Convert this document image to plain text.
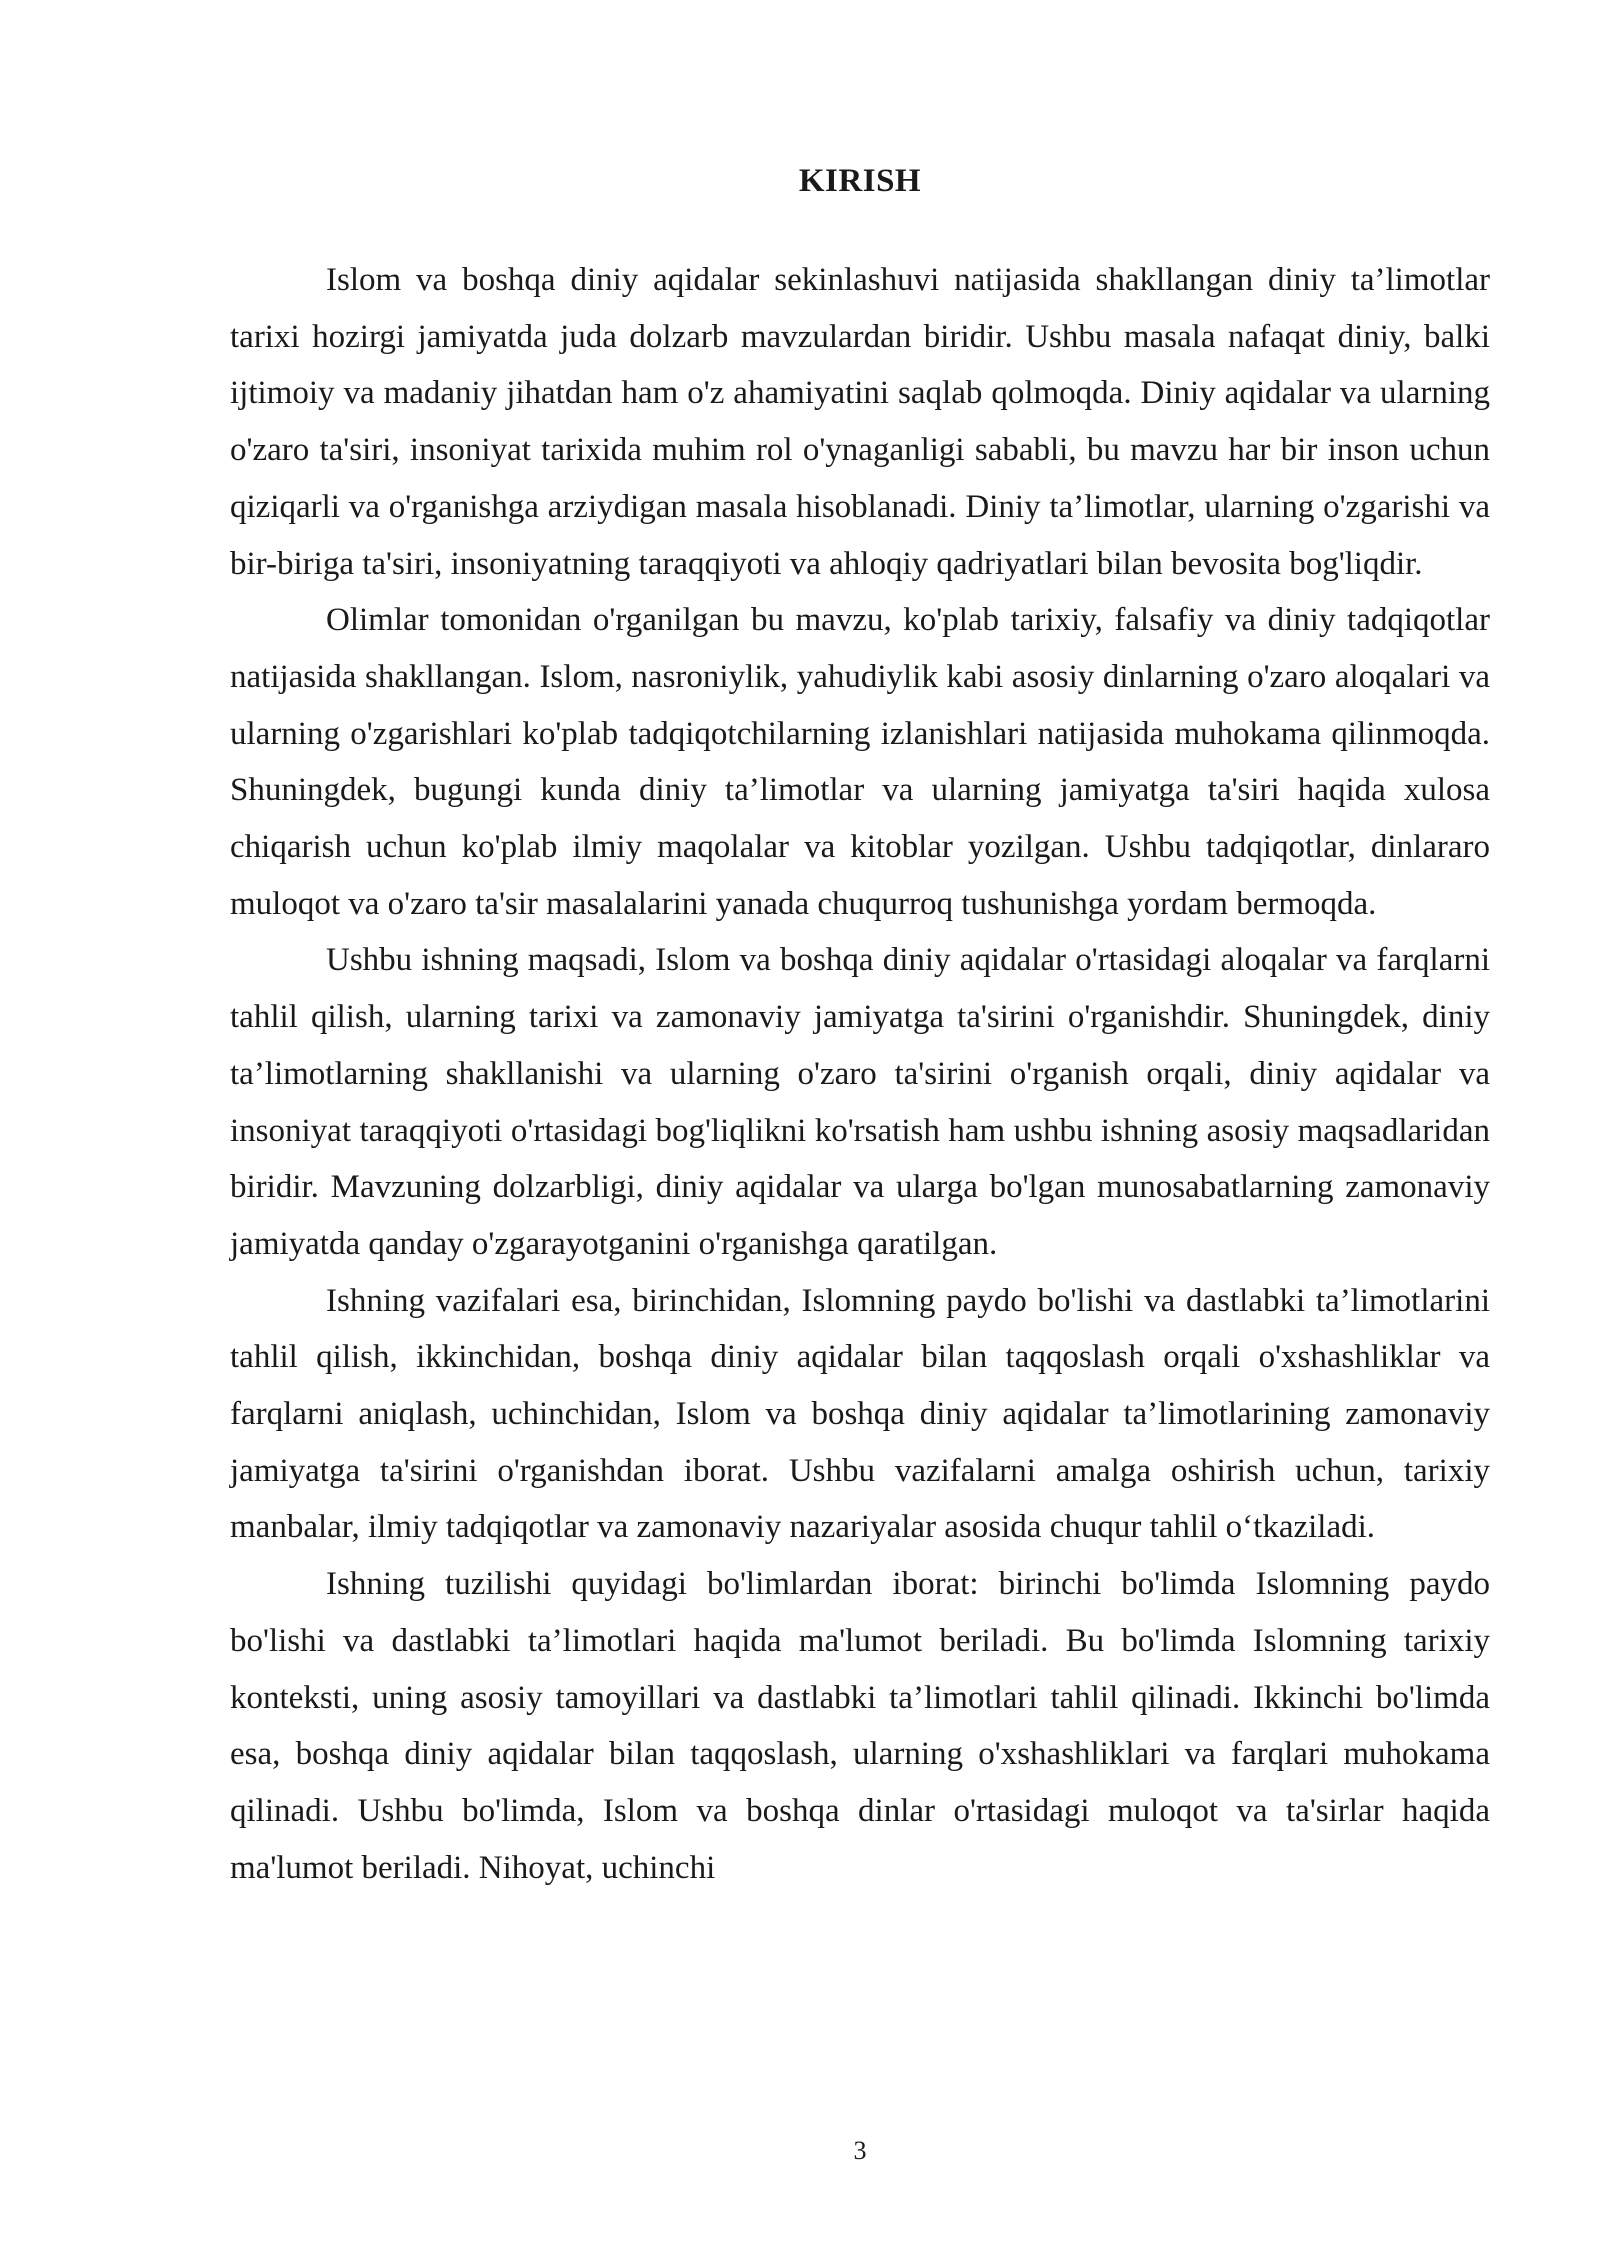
KIRISH

Islom va boshqa diniy aqidalar sekinlashuvi natijasida shakllangan diniy ta’limotlar tarixi hozirgi jamiyatda juda dolzarb mavzulardan biridir. Ushbu masala nafaqat diniy, balki ijtimoiy va madaniy jihatdan ham o'z ahamiyatini saqlab qolmoqda. Diniy aqidalar va ularning o'zaro ta'siri, insoniyat tarixida muhim rol o'ynaganligi sababli, bu mavzu har bir inson uchun qiziqarli va o'rganishga arziydigan masala hisoblanadi. Diniy ta’limotlar, ularning o'zgarishi va bir-biriga ta'siri, insoniyatning taraqqiyoti va ahloqiy qadriyatlari bilan bevosita bog'liqdir.

Olimlar tomonidan o'rganilgan bu mavzu, ko'plab tarixiy, falsafiy va diniy tadqiqotlar natijasida shakllangan. Islom, nasroniylik, yahudiylik kabi asosiy dinlarning o'zaro aloqalari va ularning o'zgarishlari ko'plab tadqiqotchilarning izlanishlari natijasida muhokama qilinmoqda. Shuningdek, bugungi kunda diniy ta’limotlar va ularning jamiyatga ta'siri haqida xulosa chiqarish uchun ko'plab ilmiy maqolalar va kitoblar yozilgan. Ushbu tadqiqotlar, dinlararo muloqot va o'zaro ta'sir masalalarini yanada chuqurroq tushunishga yordam bermoqda.

Ushbu ishning maqsadi, Islom va boshqa diniy aqidalar o'rtasidagi aloqalar va farqlarni tahlil qilish, ularning tarixi va zamonaviy jamiyatga ta'sirini o'rganishdir. Shuningdek, diniy ta’limotlarning shakllanishi va ularning o'zaro ta'sirini o'rganish orqali, diniy aqidalar va insoniyat taraqqiyoti o'rtasidagi bog'liqlikni ko'rsatish ham ushbu ishning asosiy maqsadlaridan biridir. Mavzuning dolzarbligi, diniy aqidalar va ularga bo'lgan munosabatlarning zamonaviy jamiyatda qanday o'zgarayotganini o'rganishga qaratilgan.

Ishning vazifalari esa, birinchidan, Islomning paydo bo'lishi va dastlabki ta’limotlarini tahlil qilish, ikkinchidan, boshqa diniy aqidalar bilan taqqoslash orqali o'xshashliklar va farqlarni aniqlash, uchinchidan, Islom va boshqa diniy aqidalar ta’limotlarining zamonaviy jamiyatga ta'sirini o'rganishdan iborat. Ushbu vazifalarni amalga oshirish uchun, tarixiy manbalar, ilmiy tadqiqotlar va zamonaviy nazariyalar asosida chuqur tahlil o‘tkaziladi.

Ishning tuzilishi quyidagi bo'limlardan iborat: birinchi bo'limda Islomning paydo bo'lishi va dastlabki ta’limotlari haqida ma'lumot beriladi. Bu bo'limda Islomning tarixiy konteksti, uning asosiy tamoyillari va dastlabki ta’limotlari tahlil qilinadi. Ikkinchi bo'limda esa, boshqa diniy aqidalar bilan taqqoslash, ularning o'xshashliklari va farqlari muhokama qilinadi. Ushbu bo'limda, Islom va boshqa dinlar o'rtasidagi muloqot va ta'sirlar haqida ma'lumot beriladi. Nihoyat, uchinchi

3
